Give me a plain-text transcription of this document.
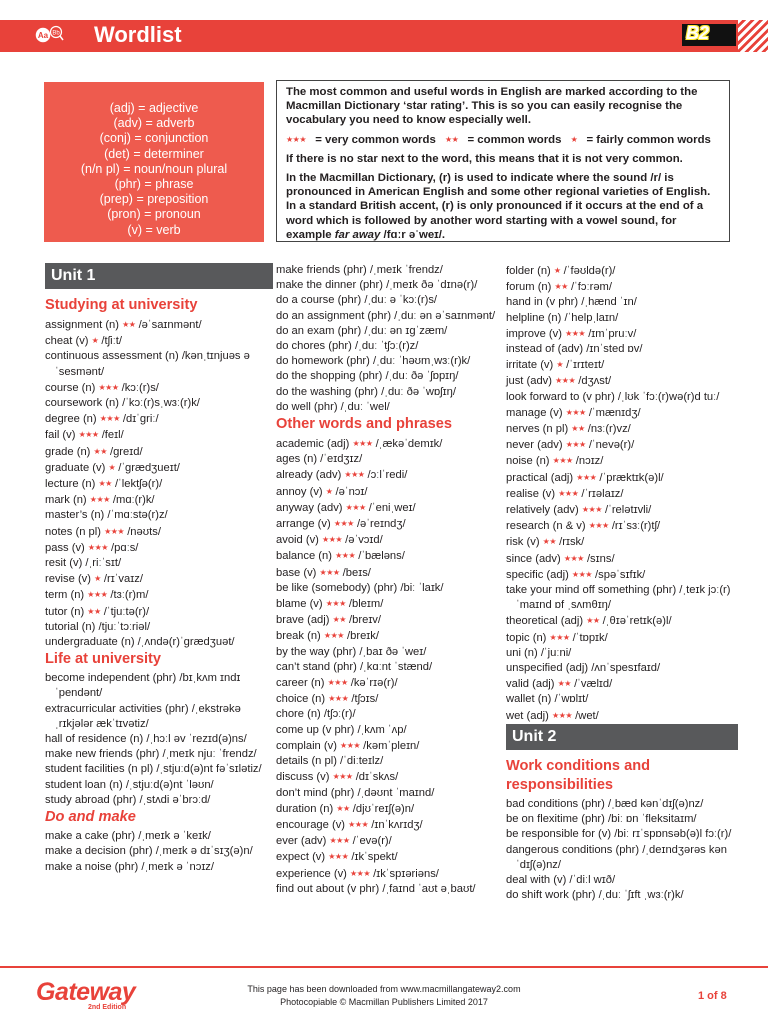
Wordlist
Aa Bb	B2
(adj) = adjective
(adv) = adverb
(conj) = conjunction
(det) = determiner
(n/n pl) = noun/noun plural
(phr) = phrase
(prep) = preposition
(pron) = pronoun
(v) = verb

The most common and useful words in English are marked according to the Macmillan Dictionary ‘star rating’. This is so you can easily recognise the vocabulary you need to know especially well.

★★★ = very common words ★★ = common words ★ = fairly common words

If there is no star next to the word, this means that it is not very common.

In the Macmillan Dictionary, (r) is used to indicate where the sound /r/ is pronounced in American English and some other regional varieties of English. In a standard British accent, (r) is only pronounced if it occurs at the end of a word which is followed by another word starting with a vowel sound, for example far away /fɑːr əˈweɪ/.

Unit 1
Studying at university
assignment (n) ★★ /əˈsaɪnmənt/
cheat (v) ★ /tʃiːt/
continuous assessment (n) /kənˌtɪnjuəs əˈsesmənt/
course (n) ★★★ /kɔː(r)s/
coursework (n) /ˈkɔː(r)sˌwɜː(r)k/
degree (n) ★★★ /dɪˈɡriː/
fail (v) ★★★ /feɪl/
grade (n) ★★ /ɡreɪd/
graduate (v) ★ /ˈɡrædʒueɪt/
lecture (n) ★★ /ˈlektʃə(r)/
mark (n) ★★★ /mɑː(r)k/
master’s (n) /ˈmɑːstə(r)z/
notes (n pl) ★★★ /nəʊts/
pass (v) ★★★ /pɑːs/
resit (v) /ˌriːˈsɪt/
revise (v) ★ /rɪˈvaɪz/
term (n) ★★★ /tɜː(r)m/
tutor (n) ★★ /ˈtjuːtə(r)/
tutorial (n) /tjuːˈtɔːriəl/
undergraduate (n) /ˌʌndə(r)ˈɡrædʒuət/
Life at university
become independent (phr) /bɪˌkʌm ɪndɪˈpendənt/
extracurricular activities (phr) /ˌekstrəkəˌrɪkjələr ækˈtɪvətiz/
hall of residence (n) /ˌhɔːl əv ˈrezɪd(ə)ns/
make new friends (phr) /ˌmeɪk njuː ˈfrendz/
student facilities (n pl) /ˌstjuːd(ə)nt fəˈsɪlətiz/
student loan (n) /ˌstjuːd(ə)nt ˈləʊn/
study abroad (phr) /ˌstʌdi əˈbrɔːd/
Do and make
make a cake (phr) /ˌmeɪk ə ˈkeɪk/
make a decision (phr) /ˌmeɪk ə dɪˈsɪʒ(ə)n/
make a noise (phr) /ˌmeɪk ə ˈnɔɪz/
make friends (phr) /ˌmeɪk ˈfrendz/
make the dinner (phr) /ˌmeɪk ðə ˈdɪnə(r)/
do a course (phr) /ˌduː ə ˈkɔː(r)s/
do an assignment (phr) /ˌduː ən əˈsaɪnmənt/
do an exam (phr) /ˌduː ən ɪɡˈzæm/
do chores (phr) /ˌduː ˈtʃɔː(r)z/
do homework (phr) /ˌduː ˈhəʊmˌwɜː(r)k/
do the shopping (phr) /ˌduː ðə ˈʃɒpɪŋ/
do the washing (phr) /ˌduː ðə ˈwɒʃɪŋ/
do well (phr) /ˌduː ˈwel/
Other words and phrases
academic (adj) ★★★ /ˌækəˈdemɪk/
ages (n) /ˈeɪdʒɪz/
already (adv) ★★★ /ɔːlˈredi/
annoy (v) ★ /əˈnɔɪ/
anyway (adv) ★★★ /ˈeniˌweɪ/
arrange (v) ★★★ /əˈreɪndʒ/
avoid (v) ★★★ /əˈvɔɪd/
balance (n) ★★★ /ˈbæləns/
base (v) ★★★ /beɪs/
be like (somebody) (phr) /biː ˈlaɪk/
blame (v) ★★★ /bleɪm/
brave (adj) ★★ /breɪv/
break (n) ★★★ /breɪk/
by the way (phr) /ˌbaɪ ðə ˈweɪ/
can’t stand (phr) /ˌkɑːnt ˈstænd/
career (n) ★★★ /kəˈrɪə(r)/
choice (n) ★★★ /tʃɔɪs/
chore (n) /tʃɔː(r)/
come up (v phr) /ˌkʌm ˈʌp/
complain (v) ★★★ /kəmˈpleɪn/
details (n pl) /ˈdiːteɪlz/
discuss (v) ★★★ /dɪˈskʌs/
don’t mind (phr) /ˌdəʊnt ˈmaɪnd/
duration (n) ★★ /djʊˈreɪʃ(ə)n/
encourage (v) ★★★ /ɪnˈkʌrɪdʒ/
ever (adv) ★★★ /ˈevə(r)/
expect (v) ★★★ /ɪkˈspekt/
experience (v) ★★★ /ɪkˈspɪəriəns/
find out about (v phr) /ˌfaɪnd ˈaʊt əˌbaʊt/
folder (n) ★ /ˈfəʊldə(r)/
forum (n) ★★ /ˈfɔːrəm/
hand in (v phr) /ˌhænd ˈɪn/
helpline (n) /ˈhelpˌlaɪn/
improve (v) ★★★ /ɪmˈpruːv/
instead of (adv) /ɪnˈsted ɒv/
irritate (v) ★ /ˈɪrɪteɪt/
just (adv) ★★★ /dʒʌst/
look forward to (v phr) /ˌlʊk ˈfɔː(r)wə(r)d tuː/
manage (v) ★★★ /ˈmænɪdʒ/
nerves (n pl) ★★ /nɜː(r)vz/
never (adv) ★★★ /ˈnevə(r)/
noise (n) ★★★ /nɔɪz/
practical (adj) ★★★ /ˈpræktɪk(ə)l/
realise (v) ★★★ /ˈrɪəlaɪz/
relatively (adv) ★★★ /ˈrelətɪvli/
research (n & v) ★★★ /rɪˈsɜː(r)tʃ/
risk (v) ★★ /rɪsk/
since (adv) ★★★ /sɪns/
specific (adj) ★★★ /spəˈsɪfɪk/
take your mind off something (phr) /ˌteɪk jɔː(r) ˈmaɪnd ɒf ˌsʌmθɪŋ/
theoretical (adj) ★★ /ˌθɪəˈretɪk(ə)l/
topic (n) ★★★ /ˈtɒpɪk/
uni (n) /ˈjuːni/
unspecified (adj) /ʌnˈspesɪfaɪd/
valid (adj) ★★ /ˈvælɪd/
wallet (n) /ˈwɒlɪt/
wet (adj) ★★★ /wet/
Unit 2
Work conditions and responsibilities
bad conditions (phr) /ˌbæd kənˈdɪʃ(ə)nz/
be on flexitime (phr) /biː ɒn ˈfleksitaɪm/
be responsible for (v) /biː rɪˈspɒnsəb(ə)l fɔː(r)/
dangerous conditions (phr) /ˌdeɪndʒərəs kənˈdɪʃ(ə)nz/
deal with (v) /ˈdiːl wɪð/
do shift work (phr) /ˌduː ˈʃɪft ˌwɜː(r)k/
Gateway
2nd Edition
This page has been downloaded from www.macmillangateway2.com
Photocopiable © Macmillan Publishers Limited 2017	1 of 8
